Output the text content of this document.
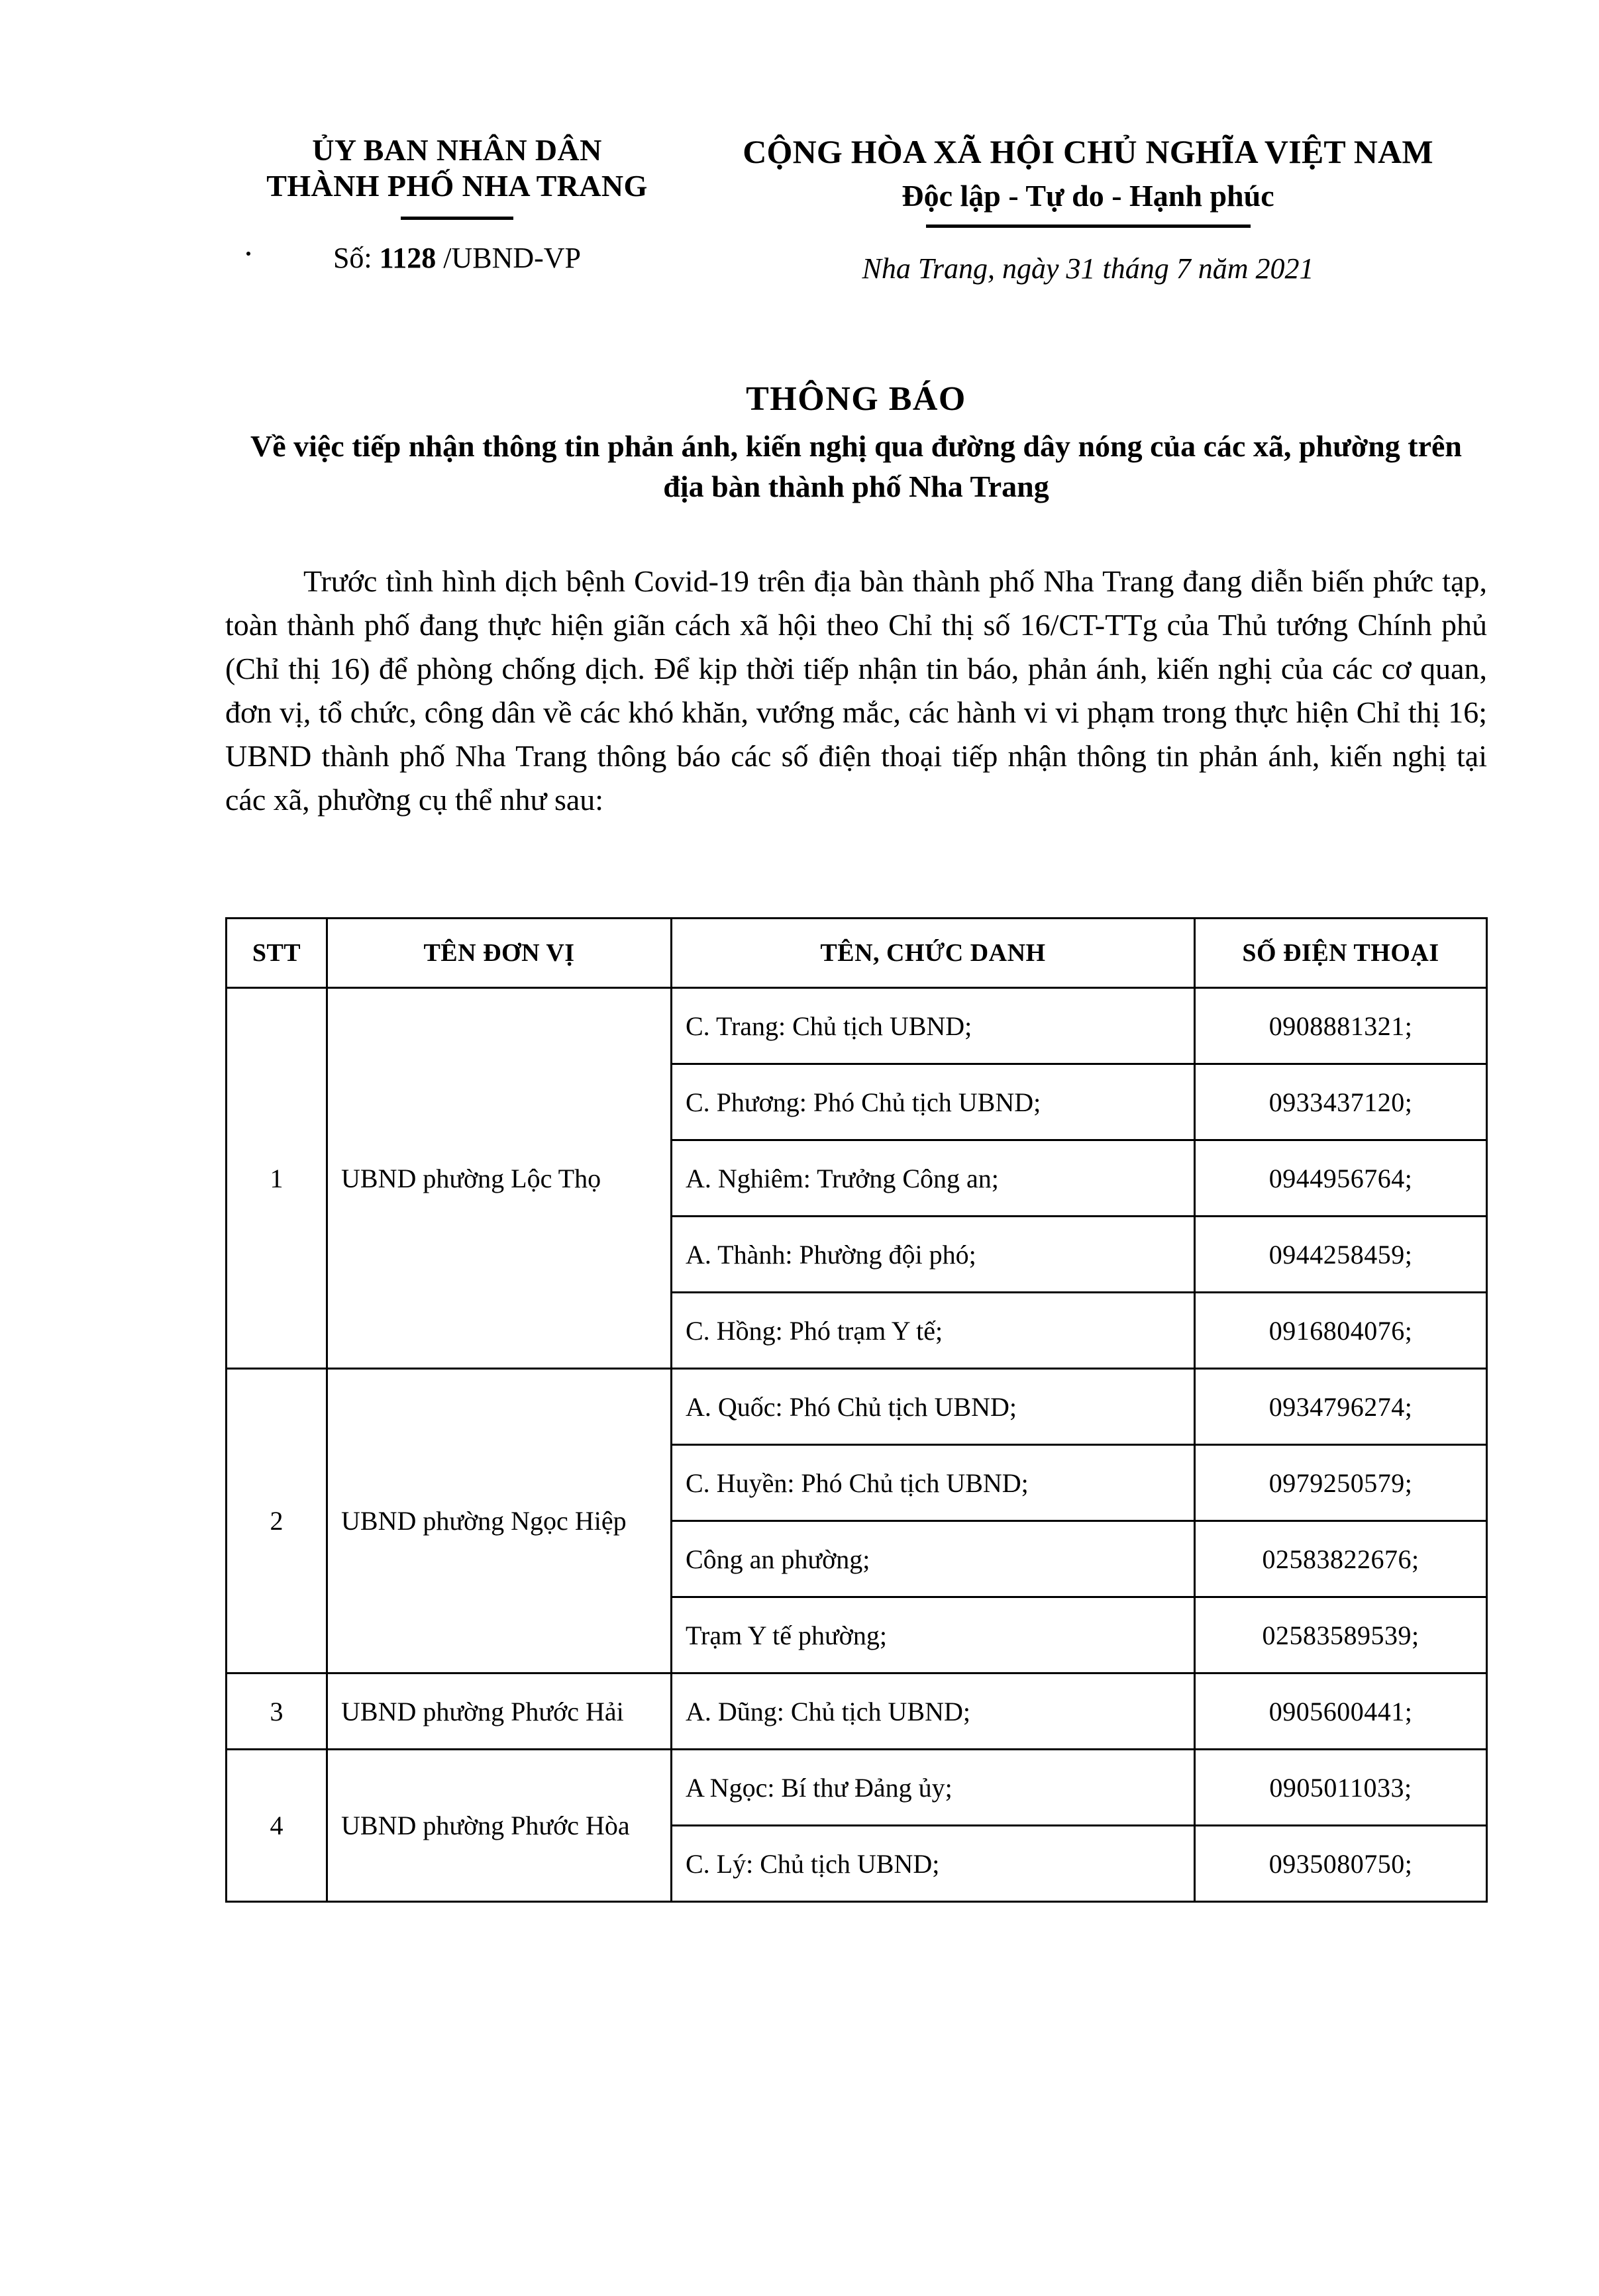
ỦY BAN NHÂN DÂN
THÀNH PHỐ NHA TRANG
Số: 1128 /UBND-VP
CỘNG HÒA XÃ HỘI CHỦ NGHĨA VIỆT NAM
Độc lập - Tự do - Hạnh phúc
Nha Trang, ngày 31 tháng 7 năm 2021
THÔNG BÁO
Về việc tiếp nhận thông tin phản ánh, kiến nghị qua đường dây nóng của các xã, phường trên địa bàn thành phố Nha Trang
Trước tình hình dịch bệnh Covid-19 trên địa bàn thành phố Nha Trang đang diễn biến phức tạp, toàn thành phố đang thực hiện giãn cách xã hội theo Chỉ thị số 16/CT-TTg của Thủ tướng Chính phủ (Chỉ thị 16) để phòng chống dịch. Để kịp thời tiếp nhận tin báo, phản ánh, kiến nghị của các cơ quan, đơn vị, tổ chức, công dân về các khó khăn, vướng mắc, các hành vi vi phạm trong thực hiện Chỉ thị 16; UBND thành phố Nha Trang thông báo các số điện thoại tiếp nhận thông tin phản ánh, kiến nghị tại các xã, phường cụ thể như sau:
STT	TÊN ĐƠN VỊ	TÊN, CHỨC DANH	SỐ ĐIỆN THOẠI
1	UBND phường Lộc Thọ	C. Trang: Chủ tịch UBND;	0908881321;
		C. Phương: Phó Chủ tịch UBND;	0933437120;
		A. Nghiêm: Trưởng Công an;	0944956764;
		A. Thành: Phường đội phó;	0944258459;
		C. Hồng: Phó trạm Y tế;	0916804076;
2	UBND phường Ngọc Hiệp	A. Quốc: Phó Chủ tịch UBND;	0934796274;
		C. Huyền: Phó Chủ tịch UBND;	0979250579;
		Công an phường;	02583822676;
		Trạm Y tế phường;	02583589539;
3	UBND phường Phước Hải	A. Dũng: Chủ tịch UBND;	0905600441;
4	UBND phường Phước Hòa	A Ngọc: Bí thư Đảng ủy;	0905011033;
		C. Lý: Chủ tịch UBND;	0935080750;
